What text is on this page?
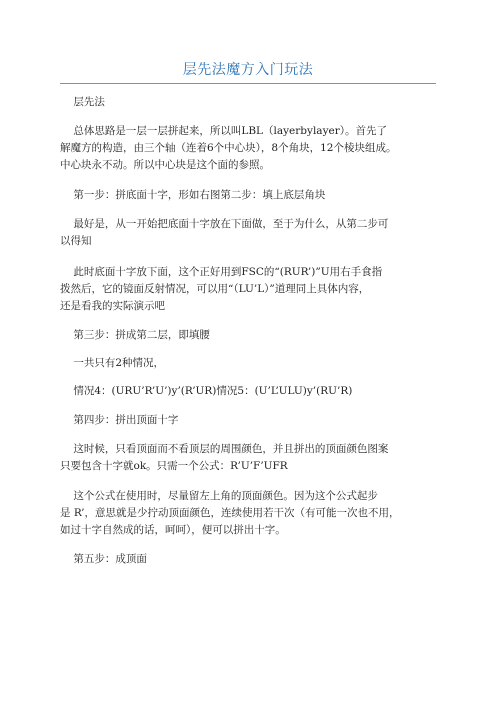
层先法魔方入门玩法
层先法
总体思路是一层一层拼起来，所以叫LBL（layerbylayer）。首先了
解魔方的构造，由三个轴（连着6个中心块），8个角块，12个棱块组成。
中心块永不动。所以中心块是这个面的参照。
第一步：拼底面十字，形如右图第二步：填上底层角块
最好是，从一开始把底面十字放在下面做，至于为什么，从第二步可
以得知
此时底面十字放下面，这个正好用到FSC的“(RUR’)”U用右手食指
拨然后，它的镜面反射情况，可以用“（LU’L）”道理同上具体内容，
还是看我的实际演示吧
第三步：拼成第二层，即填腰
一共只有2种情况，
情况4：(URU’R’U’)y’(R’UR)情况5：(U’L’ULU)y’(RU’R)
第四步：拼出顶面十字
这时候，只看顶面而不看顶层的周围颜色，并且拼出的顶面颜色图案
只要包含十字就ok。只需一个公式：R’U’F’UFR
这个公式在使用时，尽量留左上角的顶面颜色。因为这个公式起步
是 R’，意思就是少拧动顶面颜色，连续使用若干次（有可能一次也不用，
如过十字自然成的话，呵呵），便可以拼出十字。
第五步：成顶面
